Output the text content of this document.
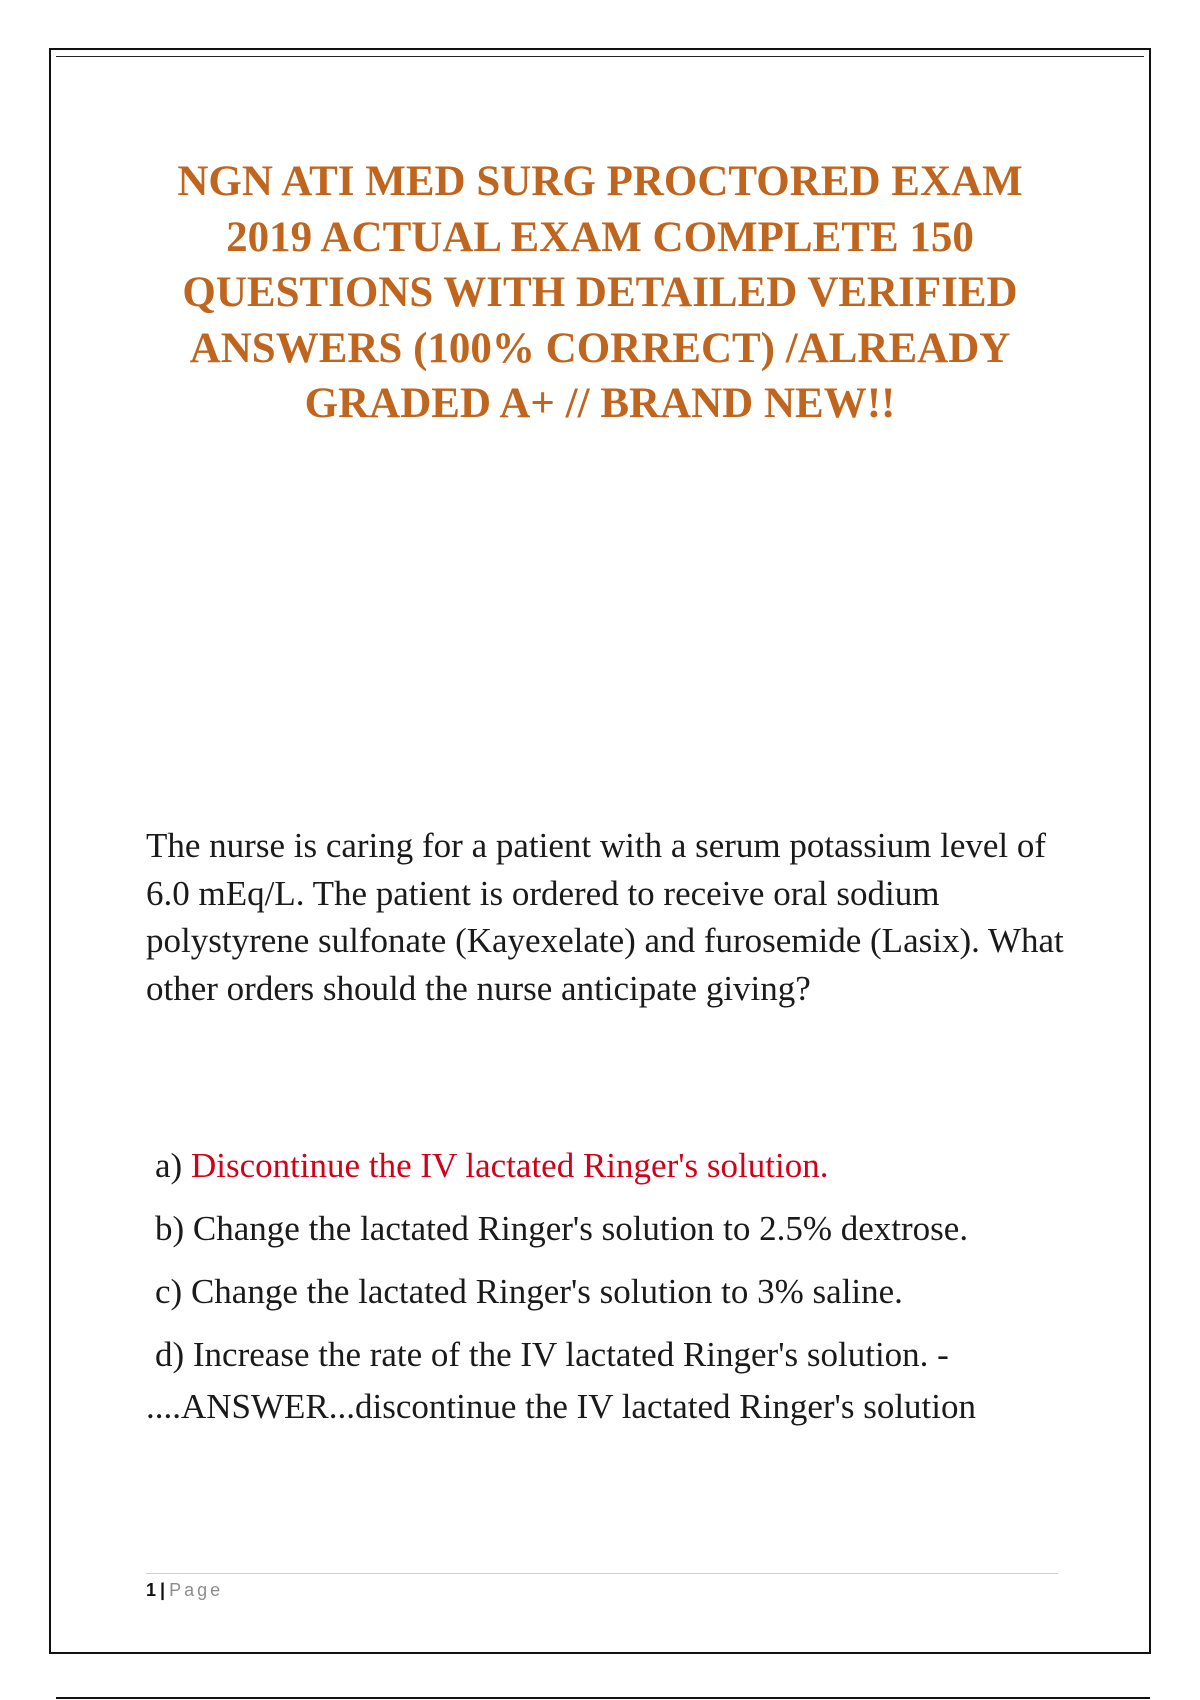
NGN ATI MED SURG PROCTORED EXAM 2019 ACTUAL EXAM COMPLETE 150 QUESTIONS WITH DETAILED VERIFIED ANSWERS (100% CORRECT) /ALREADY GRADED A+ // BRAND NEW!!

The nurse is caring for a patient with a serum potassium level of 6.0 mEq/L. The patient is ordered to receive oral sodium polystyrene sulfonate (Kayexelate) and furosemide (Lasix). What other orders should the nurse anticipate giving?

a) Discontinue the IV lactated Ringer's solution.
b) Change the lactated Ringer's solution to 2.5% dextrose.
c) Change the lactated Ringer's solution to 3% saline.
d) Increase the rate of the IV lactated Ringer's solution. -
....ANSWER...discontinue the IV lactated Ringer's solution
1 | Page
